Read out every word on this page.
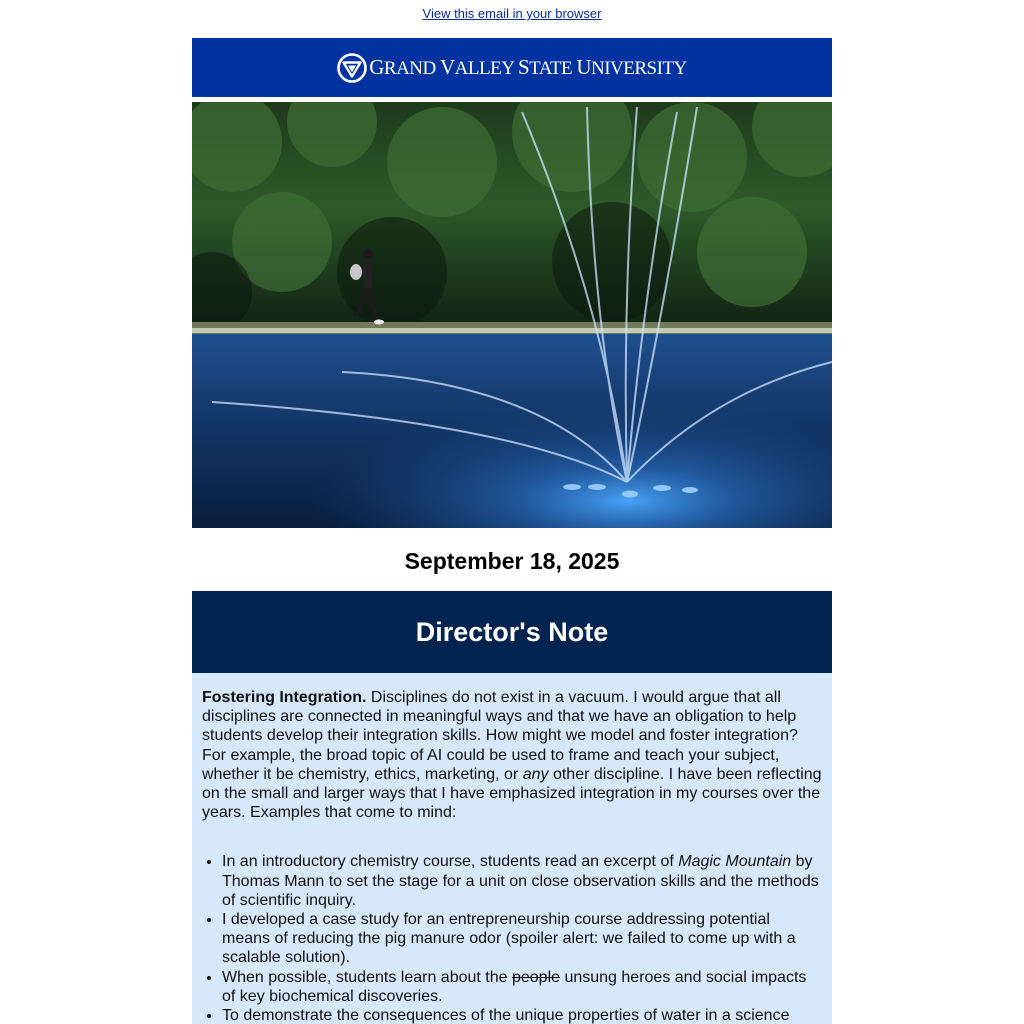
View this email in your browser
GRAND VALLEY STATE UNIVERSITY
September 18, 2025
Director's Note

Fostering Integration. Disciplines do not exist in a vacuum. I would argue that all disciplines are connected in meaningful ways and that we have an obligation to help students develop their integration skills. How might we model and foster integration? For example, the broad topic of AI could be used to frame and teach your subject, whether it be chemistry, ethics, marketing, or any other discipline. I have been reflecting on the small and larger ways that I have emphasized integration in my courses over the years. Examples that come to mind:

• In an introductory chemistry course, students read an excerpt of Magic Mountain by Thomas Mann to set the stage for a unit on close observation skills and the methods of scientific inquiry.
• I developed a case study for an entrepreneurship course addressing potential means of reducing the pig manure odor (spoiler alert: we failed to come up with a scalable solution).
• When possible, students learn about the people unsung heroes and social impacts of key biochemical discoveries.
• To demonstrate the consequences of the unique properties of water in a science
